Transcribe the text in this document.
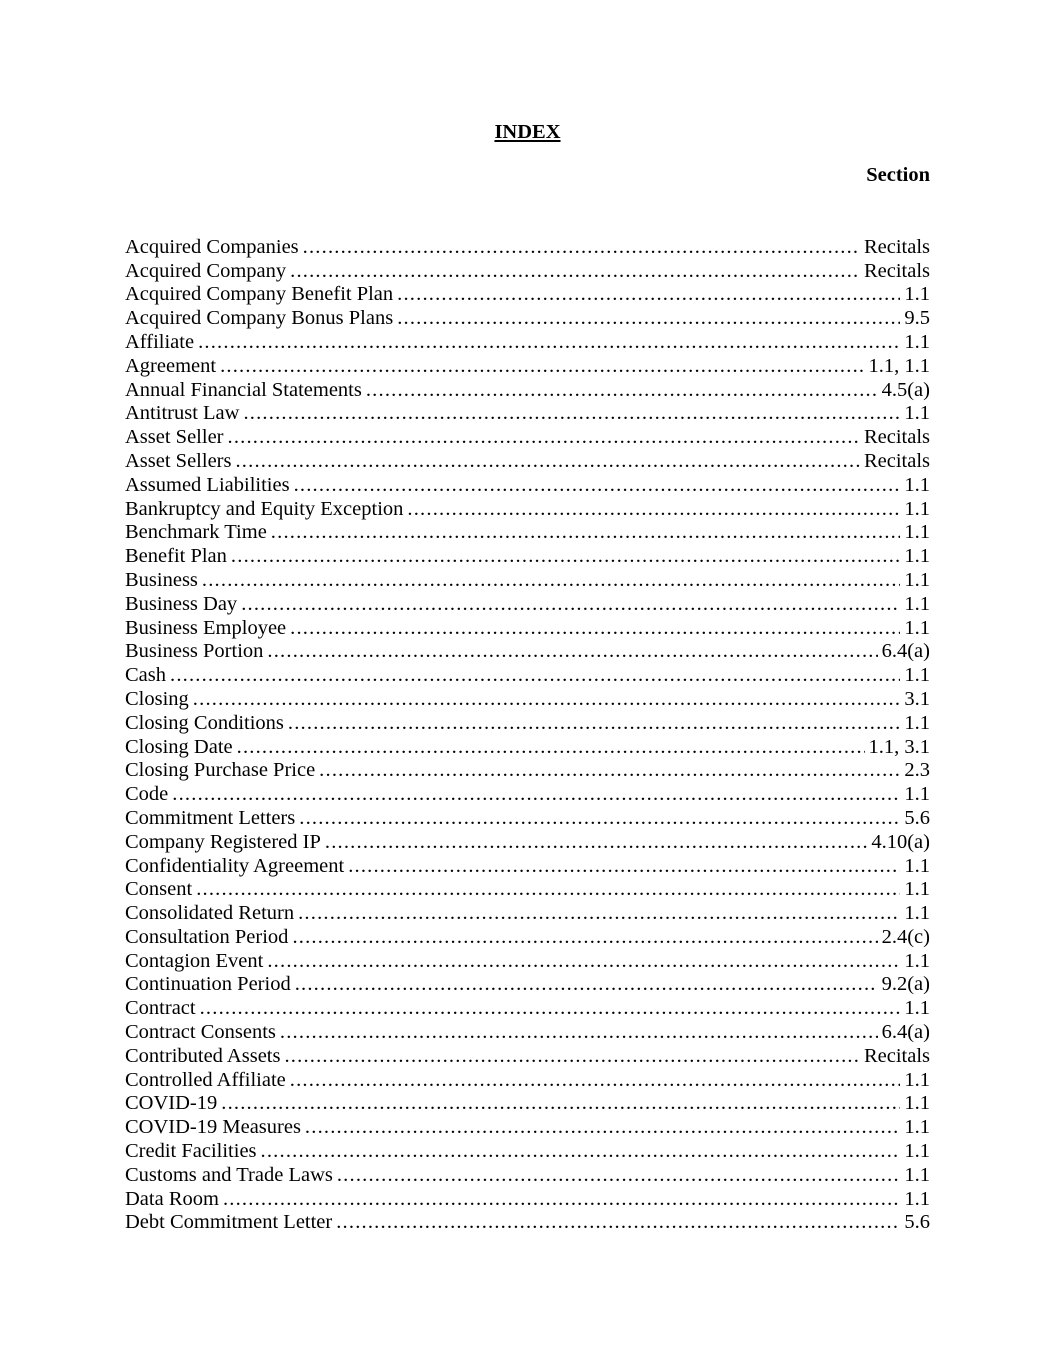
INDEX
Section
Acquired Companies .....	Recitals
Acquired Company .....	Recitals
Acquired Company Benefit Plan .....	1.1
Acquired Company Bonus Plans .....	9.5
Affiliate .....	1.1
Agreement .....	1.1, 1.1
Annual Financial Statements .....	4.5(a)
Antitrust Law .....	1.1
Asset Seller .....	Recitals
Asset Sellers .....	Recitals
Assumed Liabilities .....	1.1
Bankruptcy and Equity Exception .....	1.1
Benchmark Time .....	1.1
Benefit Plan .....	1.1
Business .....	1.1
Business Day .....	1.1
Business Employee .....	1.1
Business Portion .....	6.4(a)
Cash .....	1.1
Closing .....	3.1
Closing Conditions .....	1.1
Closing Date .....	1.1, 3.1
Closing Purchase Price .....	2.3
Code .....	1.1
Commitment Letters .....	5.6
Company Registered IP .....	4.10(a)
Confidentiality Agreement .....	1.1
Consent .....	1.1
Consolidated Return .....	1.1
Consultation Period .....	2.4(c)
Contagion Event .....	1.1
Continuation Period .....	9.2(a)
Contract .....	1.1
Contract Consents .....	6.4(a)
Contributed Assets .....	Recitals
Controlled Affiliate .....	1.1
COVID-19 .....	1.1
COVID-19 Measures .....	1.1
Credit Facilities .....	1.1
Customs and Trade Laws .....	1.1
Data Room .....	1.1
Debt Commitment Letter .....	5.6
